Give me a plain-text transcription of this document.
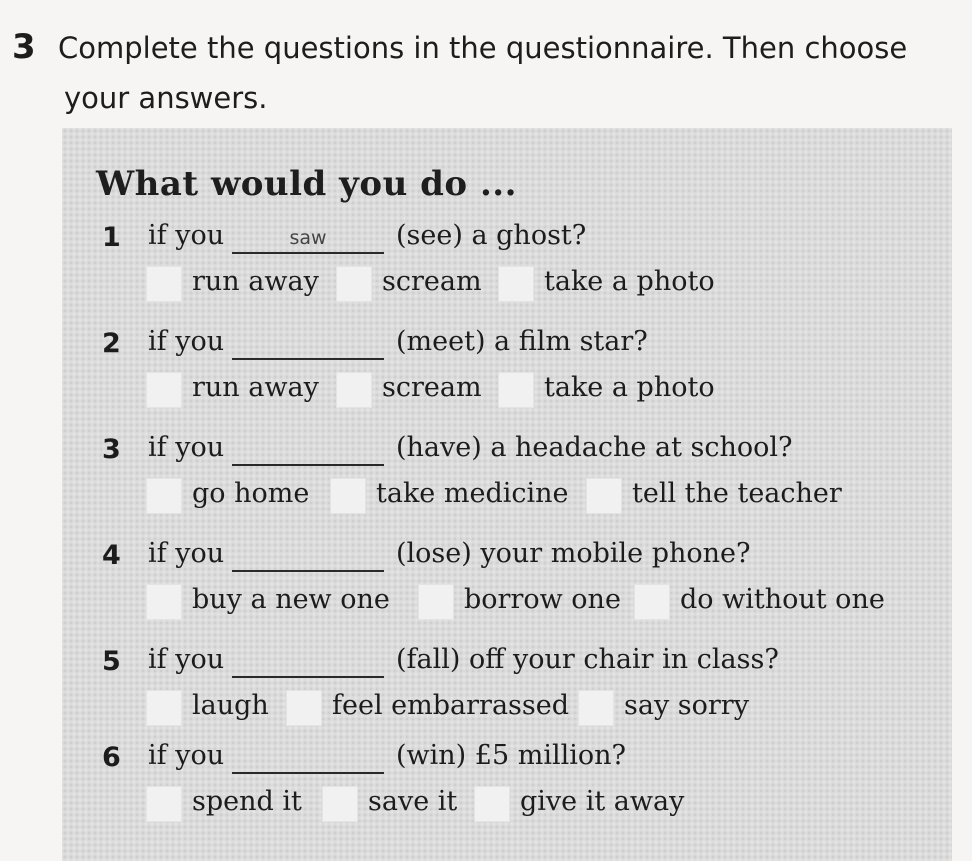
3 Complete the questions in the questionnaire. Then choose
your answers.
What would you do ...
1 if you	$^{saw}$	(see) a ghost?
run away scream take a photo
2 if you	(meet) a film star?
run away scream take a photo
3 if you	(have) a headache at school?
go home take medicine tell the teacher
4 if you	(lose) your mobile phone?
buy a new one	borrow one do without one
5 if you	(fall) off your chair in class?
laugh feel embarrassed say sorry
6 if you	(win) £5 million?
spend it save it give it away
